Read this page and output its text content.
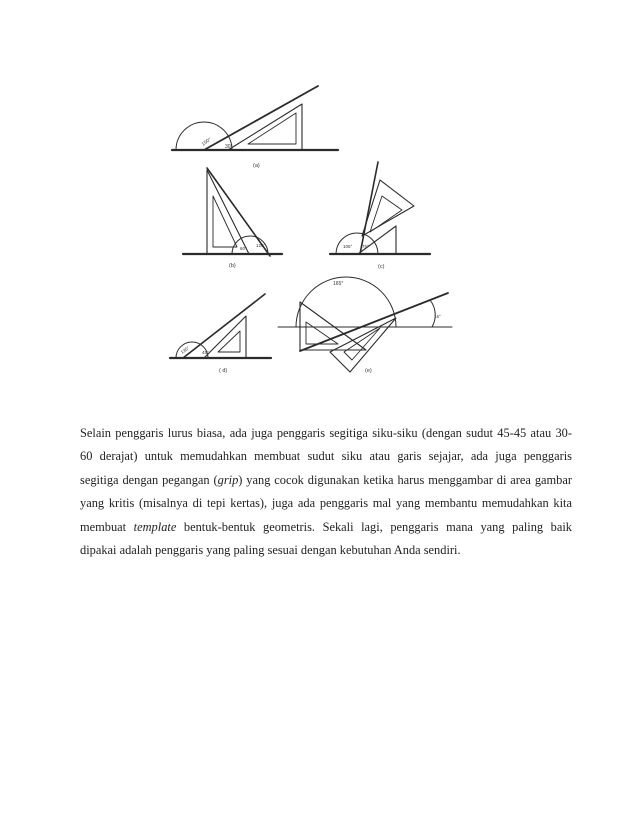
150° 30°
(a)
60°
120°
(b)
105° 75°
(c)
135°	45°
( d)
165°
15°
(e)

Selain penggaris lurus biasa, ada juga penggaris segitiga siku-siku (dengan sudut 45-45 atau 30-
60 derajat) untuk memudahkan membuat sudut siku atau garis sejajar, ada juga penggaris
segitiga dengan pegangan (grip) yang cocok digunakan ketika harus menggambar di area gambar
yang kritis (misalnya di tepi kertas), juga ada penggaris mal yang membantu memudahkan kita
membuat template bentuk-bentuk geometris. Sekali lagi, penggaris mana yang paling baik
dipakai adalah penggaris yang paling sesuai dengan kebutuhan Anda sendiri.
